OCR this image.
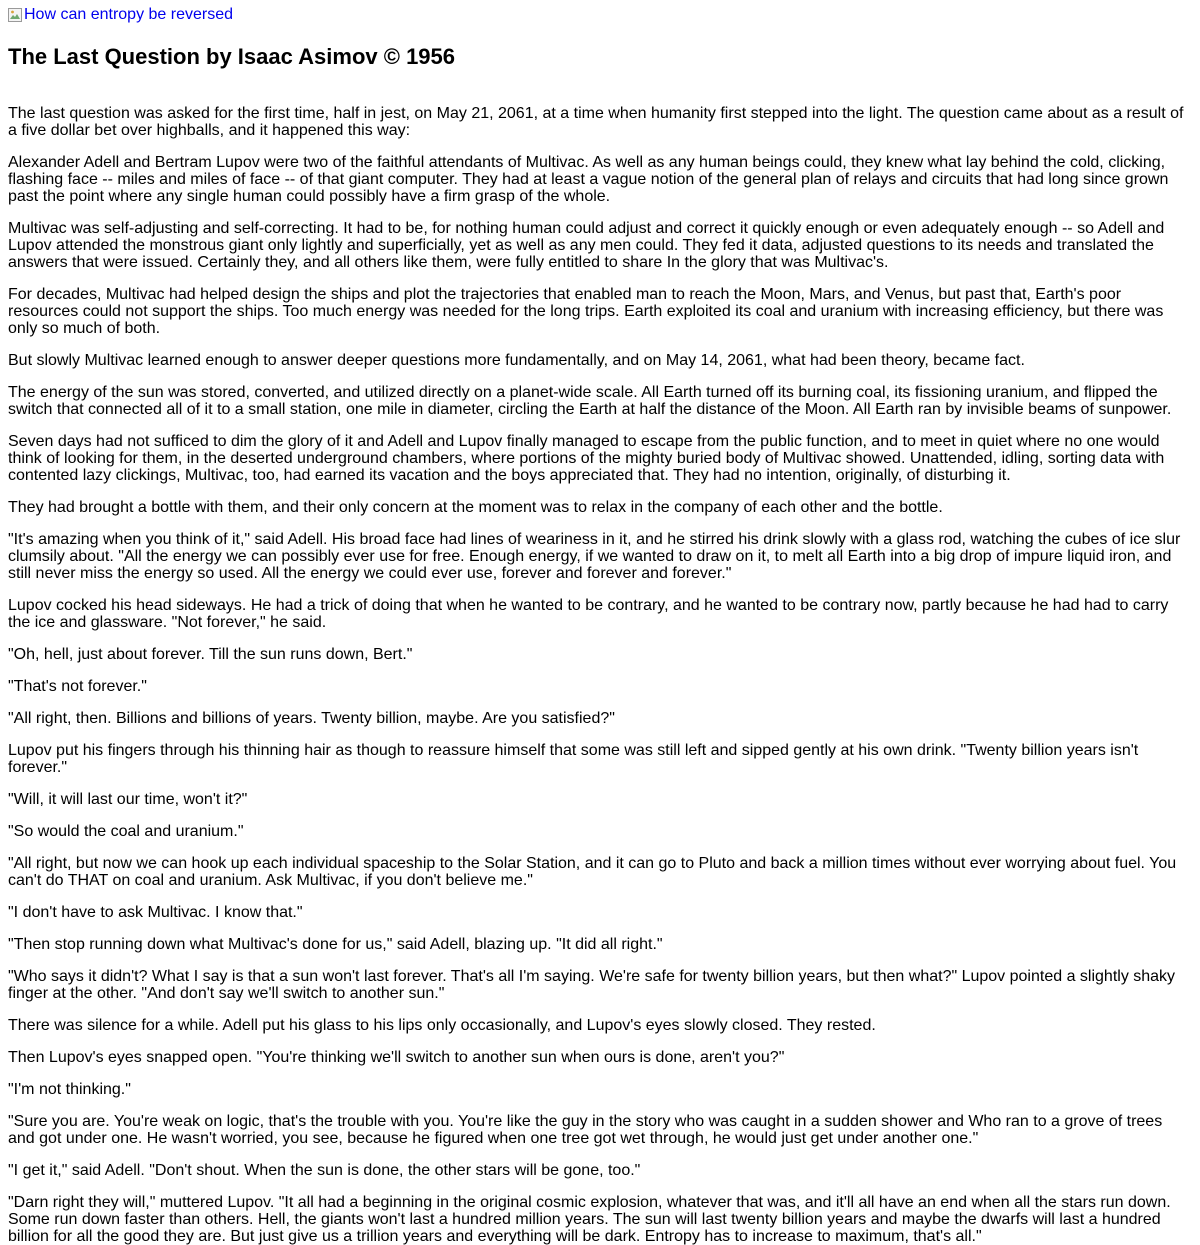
How can entropy be reversed
The Last Question by Isaac Asimov © 1956

The last question was asked for the first time, half in jest, on May 21, 2061, at a time when humanity first stepped into the light. The question came about as a result of a five dollar bet over highballs, and it happened this way:

Alexander Adell and Bertram Lupov were two of the faithful attendants of Multivac. As well as any human beings could, they knew what lay behind the cold, clicking, flashing face -- miles and miles of face -- of that giant computer. They had at least a vague notion of the general plan of relays and circuits that had long since grown past the point where any single human could possibly have a firm grasp of the whole.

Multivac was self-adjusting and self-correcting. It had to be, for nothing human could adjust and correct it quickly enough or even adequately enough -- so Adell and Lupov attended the monstrous giant only lightly and superficially, yet as well as any men could. They fed it data, adjusted questions to its needs and translated the answers that were issued. Certainly they, and all others like them, were fully entitled to share In the glory that was Multivac's.

For decades, Multivac had helped design the ships and plot the trajectories that enabled man to reach the Moon, Mars, and Venus, but past that, Earth's poor resources could not support the ships. Too much energy was needed for the long trips. Earth exploited its coal and uranium with increasing efficiency, but there was only so much of both.

But slowly Multivac learned enough to answer deeper questions more fundamentally, and on May 14, 2061, what had been theory, became fact.

The energy of the sun was stored, converted, and utilized directly on a planet-wide scale. All Earth turned off its burning coal, its fissioning uranium, and flipped the switch that connected all of it to a small station, one mile in diameter, circling the Earth at half the distance of the Moon. All Earth ran by invisible beams of sunpower.

Seven days had not sufficed to dim the glory of it and Adell and Lupov finally managed to escape from the public function, and to meet in quiet where no one would think of looking for them, in the deserted underground chambers, where portions of the mighty buried body of Multivac showed. Unattended, idling, sorting data with contented lazy clickings, Multivac, too, had earned its vacation and the boys appreciated that. They had no intention, originally, of disturbing it.

They had brought a bottle with them, and their only concern at the moment was to relax in the company of each other and the bottle.

"It's amazing when you think of it," said Adell. His broad face had lines of weariness in it, and he stirred his drink slowly with a glass rod, watching the cubes of ice slur clumsily about. "All the energy we can possibly ever use for free. Enough energy, if we wanted to draw on it, to melt all Earth into a big drop of impure liquid iron, and still never miss the energy so used. All the energy we could ever use, forever and forever and forever."

Lupov cocked his head sideways. He had a trick of doing that when he wanted to be contrary, and he wanted to be contrary now, partly because he had had to carry the ice and glassware. "Not forever," he said.

"Oh, hell, just about forever. Till the sun runs down, Bert."

"That's not forever."

"All right, then. Billions and billions of years. Twenty billion, maybe. Are you satisfied?"

Lupov put his fingers through his thinning hair as though to reassure himself that some was still left and sipped gently at his own drink. "Twenty billion years isn't forever."

"Will, it will last our time, won't it?"

"So would the coal and uranium."

"All right, but now we can hook up each individual spaceship to the Solar Station, and it can go to Pluto and back a million times without ever worrying about fuel. You can't do THAT on coal and uranium. Ask Multivac, if you don't believe me."

"I don't have to ask Multivac. I know that."

"Then stop running down what Multivac's done for us," said Adell, blazing up. "It did all right."

"Who says it didn't? What I say is that a sun won't last forever. That's all I'm saying. We're safe for twenty billion years, but then what?" Lupov pointed a slightly shaky finger at the other. "And don't say we'll switch to another sun."

There was silence for a while. Adell put his glass to his lips only occasionally, and Lupov's eyes slowly closed. They rested.

Then Lupov's eyes snapped open. "You're thinking we'll switch to another sun when ours is done, aren't you?"

"I'm not thinking."

"Sure you are. You're weak on logic, that's the trouble with you. You're like the guy in the story who was caught in a sudden shower and Who ran to a grove of trees and got under one. He wasn't worried, you see, because he figured when one tree got wet through, he would just get under another one."

"I get it," said Adell. "Don't shout. When the sun is done, the other stars will be gone, too."

"Darn right they will," muttered Lupov. "It all had a beginning in the original cosmic explosion, whatever that was, and it'll all have an end when all the stars run down. Some run down faster than others. Hell, the giants won't last a hundred million years. The sun will last twenty billion years and maybe the dwarfs will last a hundred billion for all the good they are. But just give us a trillion years and everything will be dark. Entropy has to increase to maximum, that's all."
